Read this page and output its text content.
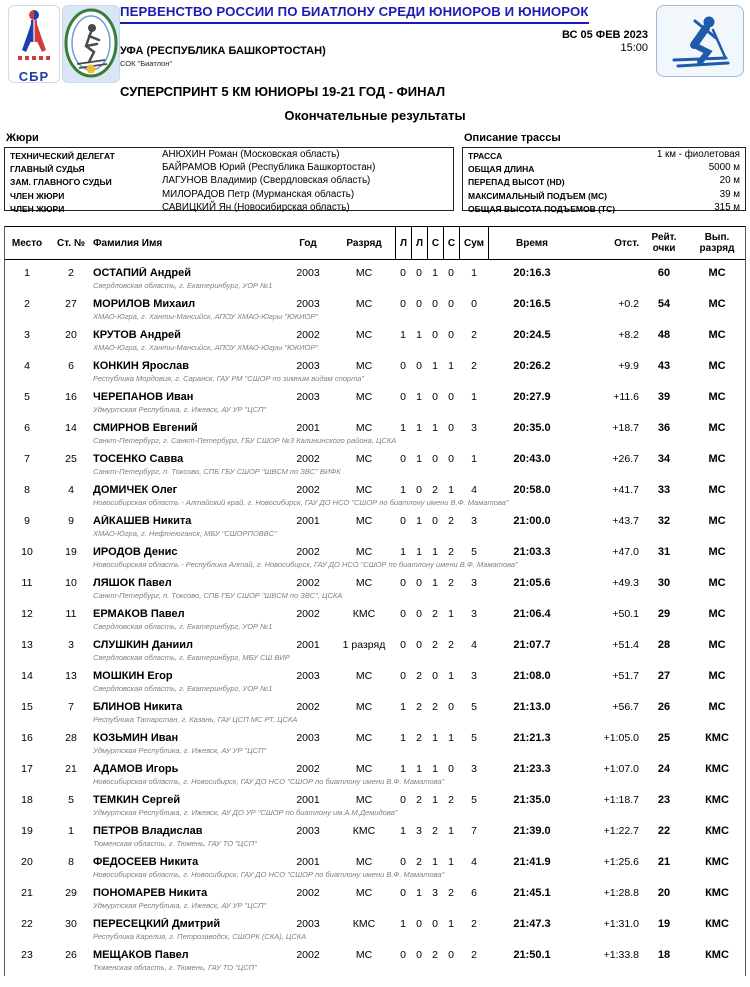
СБР
ПЕРВЕНСТВО РОССИИ ПО БИАТЛОНУ СРЕДИ ЮНИОРОВ И ЮНИОРОК
ВС 05 ФЕВ 2023
15:00
УФА (РЕСПУБЛИКА БАШКОРТОСТАН)
СОК "Биатлон"
СУПЕРСПРИНТ 5 КМ ЮНИОРЫ 19-21 ГОД - ФИНАЛ
Окончательные результаты
Жюри
ТЕХНИЧЕСКИЙ ДЕЛЕГАТ	АНЮХИН Роман (Московская область)
ГЛАВНЫЙ СУДЬЯ	БАЙРАМОВ Юрий (Республика Башкортостан)
ЗАМ. ГЛАВНОГО СУДЬИ	ЛАГУНОВ Владимир (Свердловская область)
ЧЛЕН ЖЮРИ	МИЛОРАДОВ Петр (Мурманская область)
ЧЛЕН ЖЮРИ	САВИЦКИЙ Ян (Новосибирская область)
Описание трассы
ТРАССА	1 км - фиолетовая
ОБЩАЯ ДЛИНА	5000 м
ПЕРЕПАД ВЫСОТ (HD)	20 м
МАКСИМАЛЬНЫЙ ПОДЪЕМ (MC)	39 м
ОБЩАЯ ВЫСОТА ПОДЪЕМОВ (TC)	315 м
Место	Ст. № Фамилия Имя	Год	Разряд	Л Л С С Сум	Время	Отст. Рейт.
очки
Вып.
разряд
1	2	ОСТАПИЙ Андрей	2003	МС	0 0 1 0	1	20:16.3	60	МС
Свердловская область, г. Екатеринбург, УОР №1
2	27	МОРИЛОВ Михаил	2003	МС	0 0 0 0	0	20:16.5	+0.2	54	МС
ХМАО-Югра, г. Ханты-Мансийск, АПОУ ХМАО-Югры "ЮКИОР"
3	20	КРУТОВ Андрей	2002	МС	1 1 0 0	2	20:24.5	+8.2	48	МС
ХМАО-Югра, г. Ханты-Мансийск, АПОУ ХМАО-Югры "ЮКИОР"
4	6	КОНКИН Ярослав	2003	МС	0 0 1 1	2	20:26.2	+9.9	43	МС
Республика Мордовия, г. Саранск, ГАУ РМ "СШОР по зимним видам спорта"
5	16	ЧЕРЕПАНОВ Иван	2003	МС	0 1 0 0	1	20:27.9	+11.6	39	МС
Удмуртская Республика, г. Ижевск, АУ УР "ЦСП"
6	14	СМИРНОВ Евгений	2001	МС	1 1 1 0	3	20:35.0	+18.7	36	МС
Санкт-Петербург, г. Санкт-Петербург, ГБУ СШОР №3 Калининского района, ЦСКА
7	25	ТОСЕНКО Савва	2002	МС	0 1 0 0	1	20:43.0	+26.7	34	МС
Санкт-Петербург, п. Токсово, СПБ ГБУ СШОР "ШВСМ по ЗВС" ВИФК
8	4	ДОМИЧЕК Олег	2002	МС	1 0 2 1	4	20:58.0	+41.7	33	МС
Новосибирская область - Алтайский край, г. Новосибирск, ГАУ ДО НСО "СШОР по биатлону имени В.Ф. Маматова"
9	9	АЙКАШЕВ Никита	2001	МС	0 1 0 2	3	21:00.0	+43.7	32	МС
ХМАО-Югра, г. Нефтеюганск, МБУ "СШОРПОВВС"
10	19	ИРОДОВ Денис	2002	МС	1 1 1 2	5	21:03.3	+47.0	31	МС
Новосибирская область - Республика Алтай, г. Новосибирск, ГАУ ДО НСО "СШОР по биатлону имени В.Ф. Маматова"
11	10	ЛЯШОК Павел	2002	МС	0 0 1 2	3	21:05.6	+49.3	30	МС
Санкт-Петербург, п. Токсово, СПБ ГБУ СШОР "ШВСМ по ЗВС", ЦСКА
12	11	ЕРМАКОВ Павел	2002	КМС	0 0 2 1	3	21:06.4	+50.1	29	МС
Свердловская область, г. Екатеринбург, УОР №1
13	3	СЛУШКИН Даниил	2001	1 разряд	0 0 2 2	4	21:07.7	+51.4	28	МС
Свердловская область, г. Екатеринбург, МБУ СШ ВИР
14	13	МОШКИН Егор	2003	МС	0 2 0 1	3	21:08.0	+51.7	27	МС
Свердловская область, г. Екатеринбург, УОР №1
15	7	БЛИНОВ Никита	2002	МС	1 2 2 0	5	21:13.0	+56.7	26	МС
Республика Татарстан, г. Казань, ГАУ ЦСП МС РТ, ЦСКА
16	28	КОЗЬМИН Иван	2003	МС	1 2 1 1	5	21:21.3	+1:05.0	25	КМС
Удмуртская Республика, г. Ижевск, АУ УР "ЦСП"
17	21	АДАМОВ Игорь	2002	МС	1 1 1 0	3	21:23.3	+1:07.0	24	КМС
Новосибирская область, г. Новосибирск, ГАУ ДО НСО "СШОР по биатлону имени В.Ф. Маматова"
18	5	ТЕМКИН Сергей	2001	МС	0 2 1 2	5	21:35.0	+1:18.7	23	КМС
Удмуртская Республика, г. Ижевск, АУ ДО УР "СШОР по биатлону им.А.М.Демидова"
19	1	ПЕТРОВ Владислав	2003	КМС	1 3 2 1	7	21:39.0	+1:22.7	22	КМС
Тюменская область, г. Тюмень, ГАУ ТО "ЦСП"
20	8	ФЕДОСЕЕВ Никита	2001	МС	0 2 1 1	4	21:41.9	+1:25.6	21	КМС
Новосибирская область, г. Новосибирск, ГАУ ДО НСО "СШОР по биатлону имени В.Ф. Маматова"
21	29	ПОНОМАРЕВ Никита	2002	МС	0 1 3 2	6	21:45.1	+1:28.8	20	КМС
Удмуртская Республика, г. Ижевск, АУ УР "ЦСП"
22	30	ПЕРЕСЕЦКИЙ Дмитрий	2003	КМС	1 0 0 1	2	21:47.3	+1:31.0	19	КМС
Республика Карелия, г. Петрозаводск, СШОРК (СКА), ЦСКА
23	26	МЕЩАКОВ Павел	2002	МС	0 0 2 0	2	21:50.1	+1:33.8	18	КМС
Тюменская область, г. Тюмень, ГАУ ТО "ЦСП"
